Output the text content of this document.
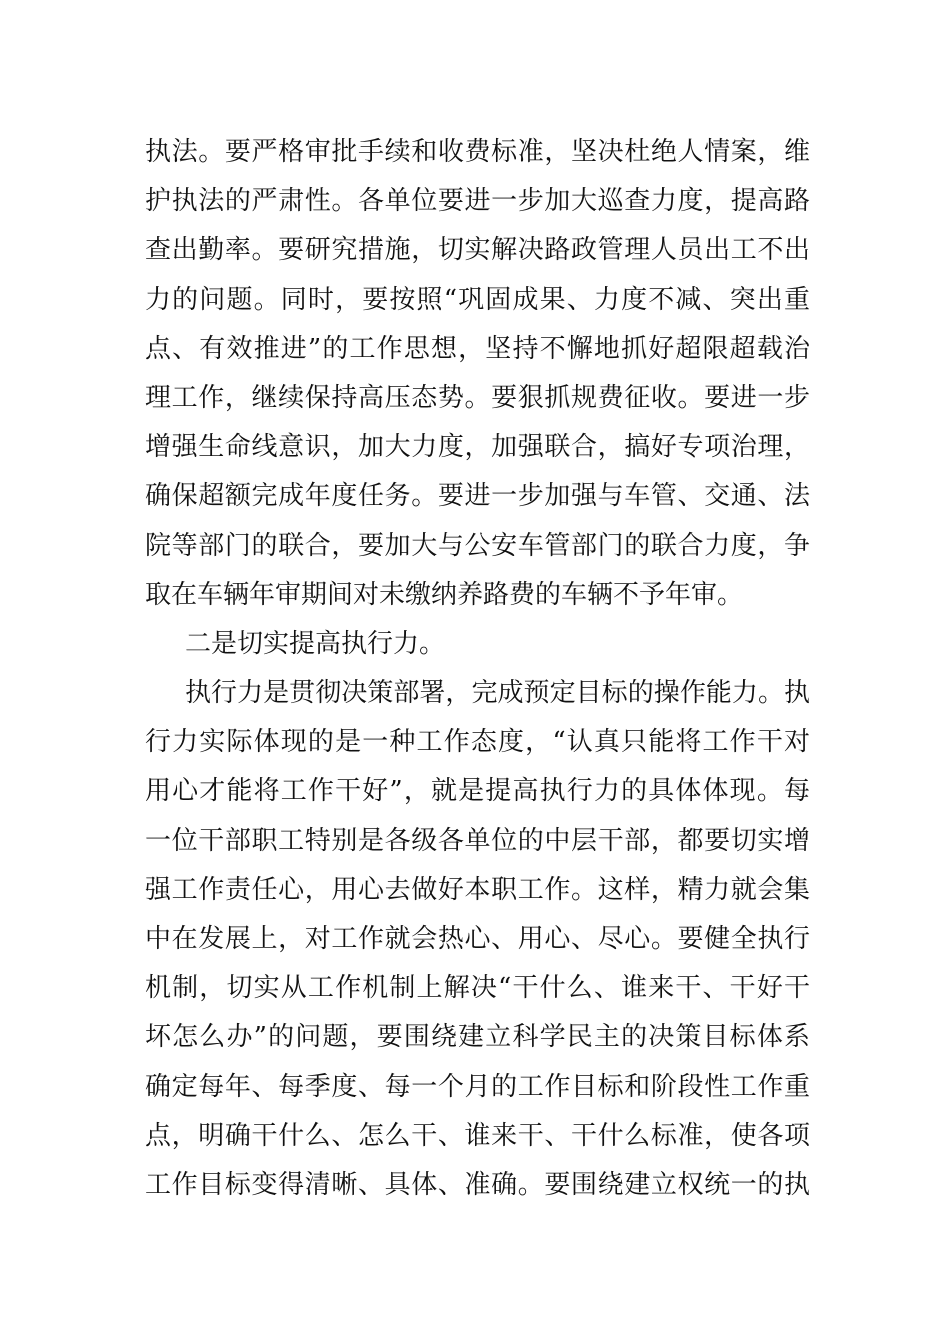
执法。要严格审批手续和收费标准，坚决杜绝人情案，维
护执法的严肃性。各单位要进一步加大巡查力度，提高路
查出勤率。要研究措施，切实解决路政管理人员出工不出
力的问题。同时，要按照“巩固成果、力度不减、突出重
点、有效推进”的工作思想，坚持不懈地抓好超限超载治
理工作，继续保持高压态势。要狠抓规费征收。要进一步
增强生命线意识，加大力度，加强联合，搞好专项治理，
确保超额完成年度任务。要进一步加强与车管、交通、法
院等部门的联合，要加大与公安车管部门的联合力度，争
取在车辆年审期间对未缴纳养路费的车辆不予年审。
二是切实提高执行力。
执行力是贯彻决策部署，完成预定目标的操作能力。执
行力实际体现的是一种工作态度，“认真只能将工作干对
用心才能将工作干好”，就是提高执行力的具体体现。每
一位干部职工特别是各级各单位的中层干部，都要切实增
强工作责任心，用心去做好本职工作。这样，精力就会集
中在发展上，对工作就会热心、用心、尽心。要健全执行
机制，切实从工作机制上解决“干什么、谁来干、干好干
坏怎么办”的问题，要围绕建立科学民主的决策目标体系
确定每年、每季度、每一个月的工作目标和阶段性工作重
点，明确干什么、怎么干、谁来干、干什么标准，使各项
工作目标变得清晰、具体、准确。要围绕建立权统一的执
